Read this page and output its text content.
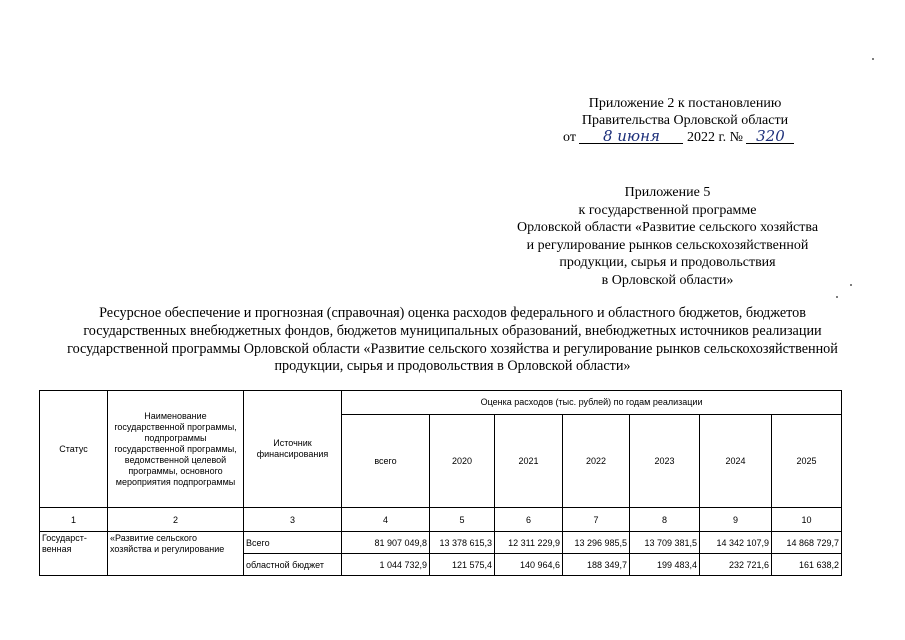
Приложение 2 к постановлению
Правительства Орловской области
от 8 июня 2022 г. № 320
Приложение 5
к государственной программе
Орловской области «Развитие сельского хозяйства
и регулирование рынков сельскохозяйственной
продукции, сырья и продовольствия
в Орловской области»
Ресурсное обеспечение и прогнозная (справочная) оценка расходов федерального и областного бюджетов, бюджетов
государственных внебюджетных фондов, бюджетов муниципальных образований, внебюджетных источников реализации
государственной программы Орловской области «Развитие сельского хозяйства и регулирование рынков сельскохозяйственной
продукции, сырья и продовольствия в Орловской области»
Статус	Наименование государственной программы, подпрограммы государственной программы, ведомственной целевой программы, основного мероприятия подпрограммы	Источник финансирования	Оценка расходов (тыс. рублей) по годам реализации						
			всего	2020	2021	2022	2023	2024	2025
1	2	3	4	5	6	7	8	9	10
Государст-венная	«Развитие сельского хозяйства и регулирование	Всего	81 907 049,8	13 378 615,3	12 311 229,9	13 296 985,5	13 709 381,5	14 342 107,9	14 868 729,7
		областной бюджет	1 044 732,9	121 575,4	140 964,6	188 349,7	199 483,4	232 721,6	161 638,2
